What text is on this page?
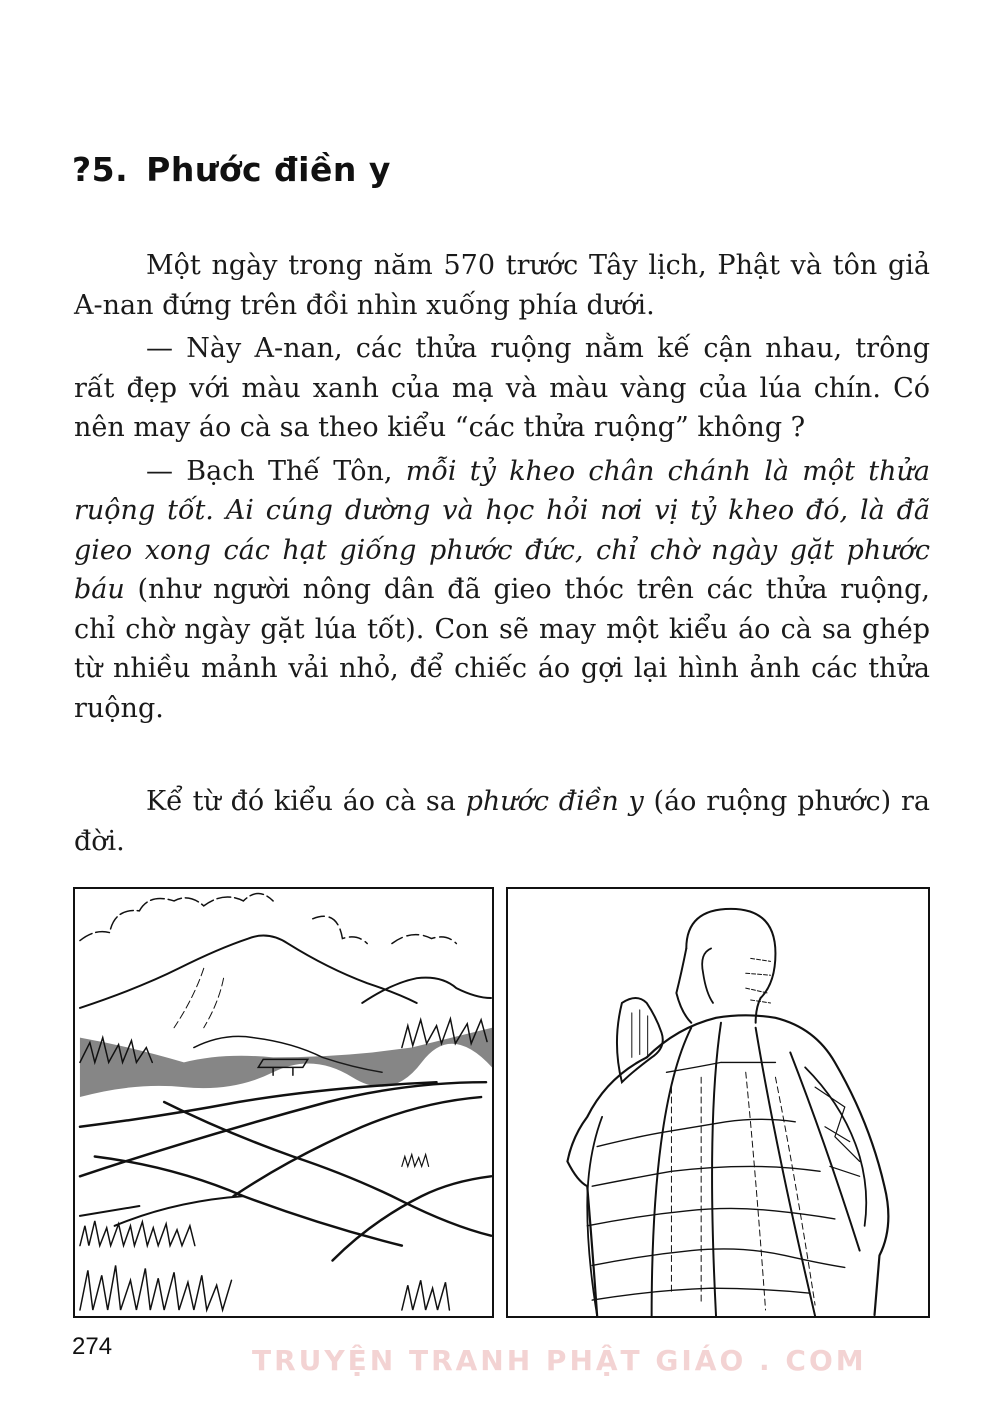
?5. Phước điền y

Một ngày trong năm 570 trước Tây lịch, Phật và tôn giả A-nan đứng trên đồi nhìn xuống phía dưới.

— Này A-nan, các thửa ruộng nằm kế cận nhau, trông rất đẹp với màu xanh của mạ và màu vàng của lúa chín. Có nên may áo cà sa theo kiểu “các thửa ruộng” không ?

— Bạch Thế Tôn, mỗi tỷ kheo chân chánh là một thửa ruộng tốt. Ai cúng dường và học hỏi nơi vị tỷ kheo đó, là đã gieo xong các hạt giống phước đức, chỉ chờ ngày gặt phước báu (như người nông dân đã gieo thóc trên các thửa ruộng, chỉ chờ ngày gặt lúa tốt). Con sẽ may một kiểu áo cà sa ghép từ nhiều mảnh vải nhỏ, để chiếc áo gợi lại hình ảnh các thửa ruộng.

Kể từ đó kiểu áo cà sa phước điền y (áo ruộng phước) ra đời.

274	TRUYỆN TRANH PHẬT GIÁO . COM
